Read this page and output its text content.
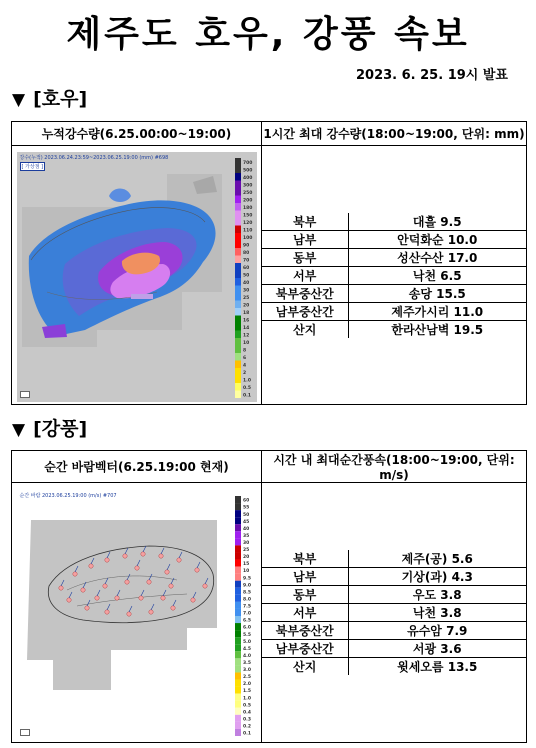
제주도 호우, 강풍 속보
2023. 6. 25. 19시 발표
▼ [호우]
누적강수량(6.25.00:00~19:00)	1시간 최대 강수량(18:00~19:00, 단위: mm)

강수(누적) 2023.06.24.23:59~2023.06.25.19:00 (mm) #698
[ 가상점 ]
700
500
400
300
250
200
180
150
120
110
100
90
80
70
60
50
40
30
25
20
18
16
14
12
10
8
6
4
2
1.0
0.5
0.1

북부	대흘 9.5
남부	안덕화순 10.0
동부	성산수산 17.0
서부	낙천 6.5
북부중산간	송당 15.5
남부중산간	제주가시리 11.0
산지	한라산남벽 19.5
▼ [강풍]
순간 바람벡터(6.25.19:00 현재)	시간 내 최대순간풍속(18:00~19:00, 단위: m/s)

순간 바람 2023.06.25.19:00 (m/s) #707
60
55
50
45
40
35
30
25
20
15
10
9.5
9.0
8.5
8.0
7.5
7.0
6.5
6.0
5.5
5.0
4.5
4.0
3.5
3.0
2.5
2.0
1.5
1.0
0.5
0.4
0.3
0.2
0.1

북부	제주(공) 5.6
남부	기상(과) 4.3
동부	우도 3.8
서부	낙천 3.8
북부중산간	유수암 7.9
남부중산간	서광 3.6
산지	윗세오름 13.5
